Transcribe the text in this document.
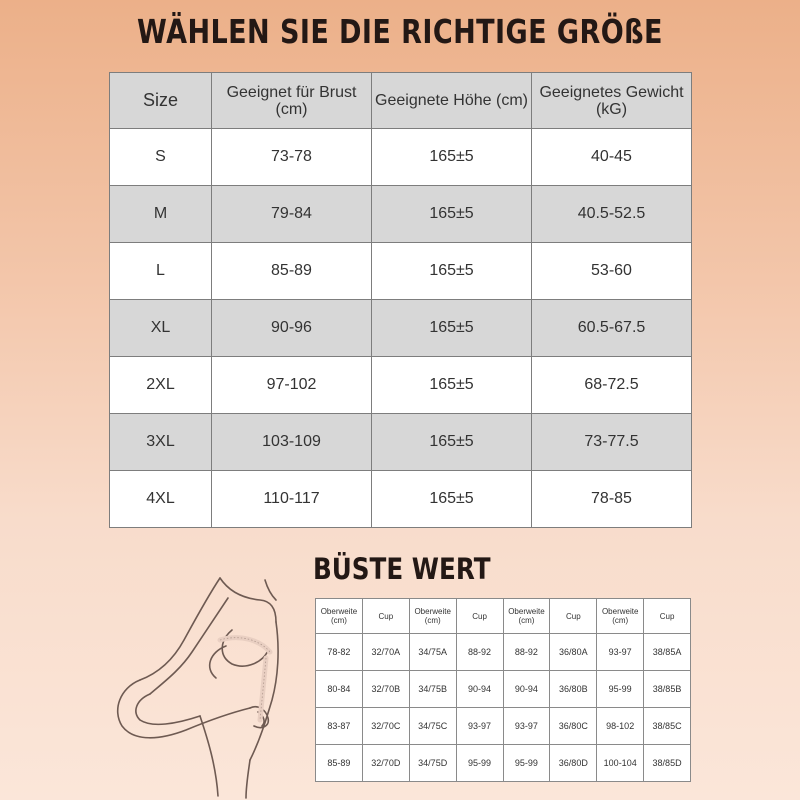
WÄHLEN SIE DIE RICHTIGE GRÖßE
Size	Geeignet für Brust (cm)	Geeignete Höhe (cm)	Geeignetes Gewicht (kG)
S	73-78	165±5	40-45
M	79-84	165±5	40.5-52.5
L	85-89	165±5	53-60
XL	90-96	165±5	60.5-67.5
2XL	97-102	165±5	68-72.5
3XL	103-109	165±5	73-77.5
4XL	110-117	165±5	78-85
BÜSTE WERT
Oberweite (cm)	Cup	Oberweite (cm)	Cup	Oberweite (cm)	Cup	Oberweite (cm)	Cup
78-82	32/70A	34/75A	88-92	88-92	36/80A	93-97	38/85A
80-84	32/70B	34/75B	90-94	90-94	36/80B	95-99	38/85B
83-87	32/70C	34/75C	93-97	93-97	36/80C	98-102	38/85C
85-89	32/70D	34/75D	95-99	95-99	36/80D	100-104	38/85D
